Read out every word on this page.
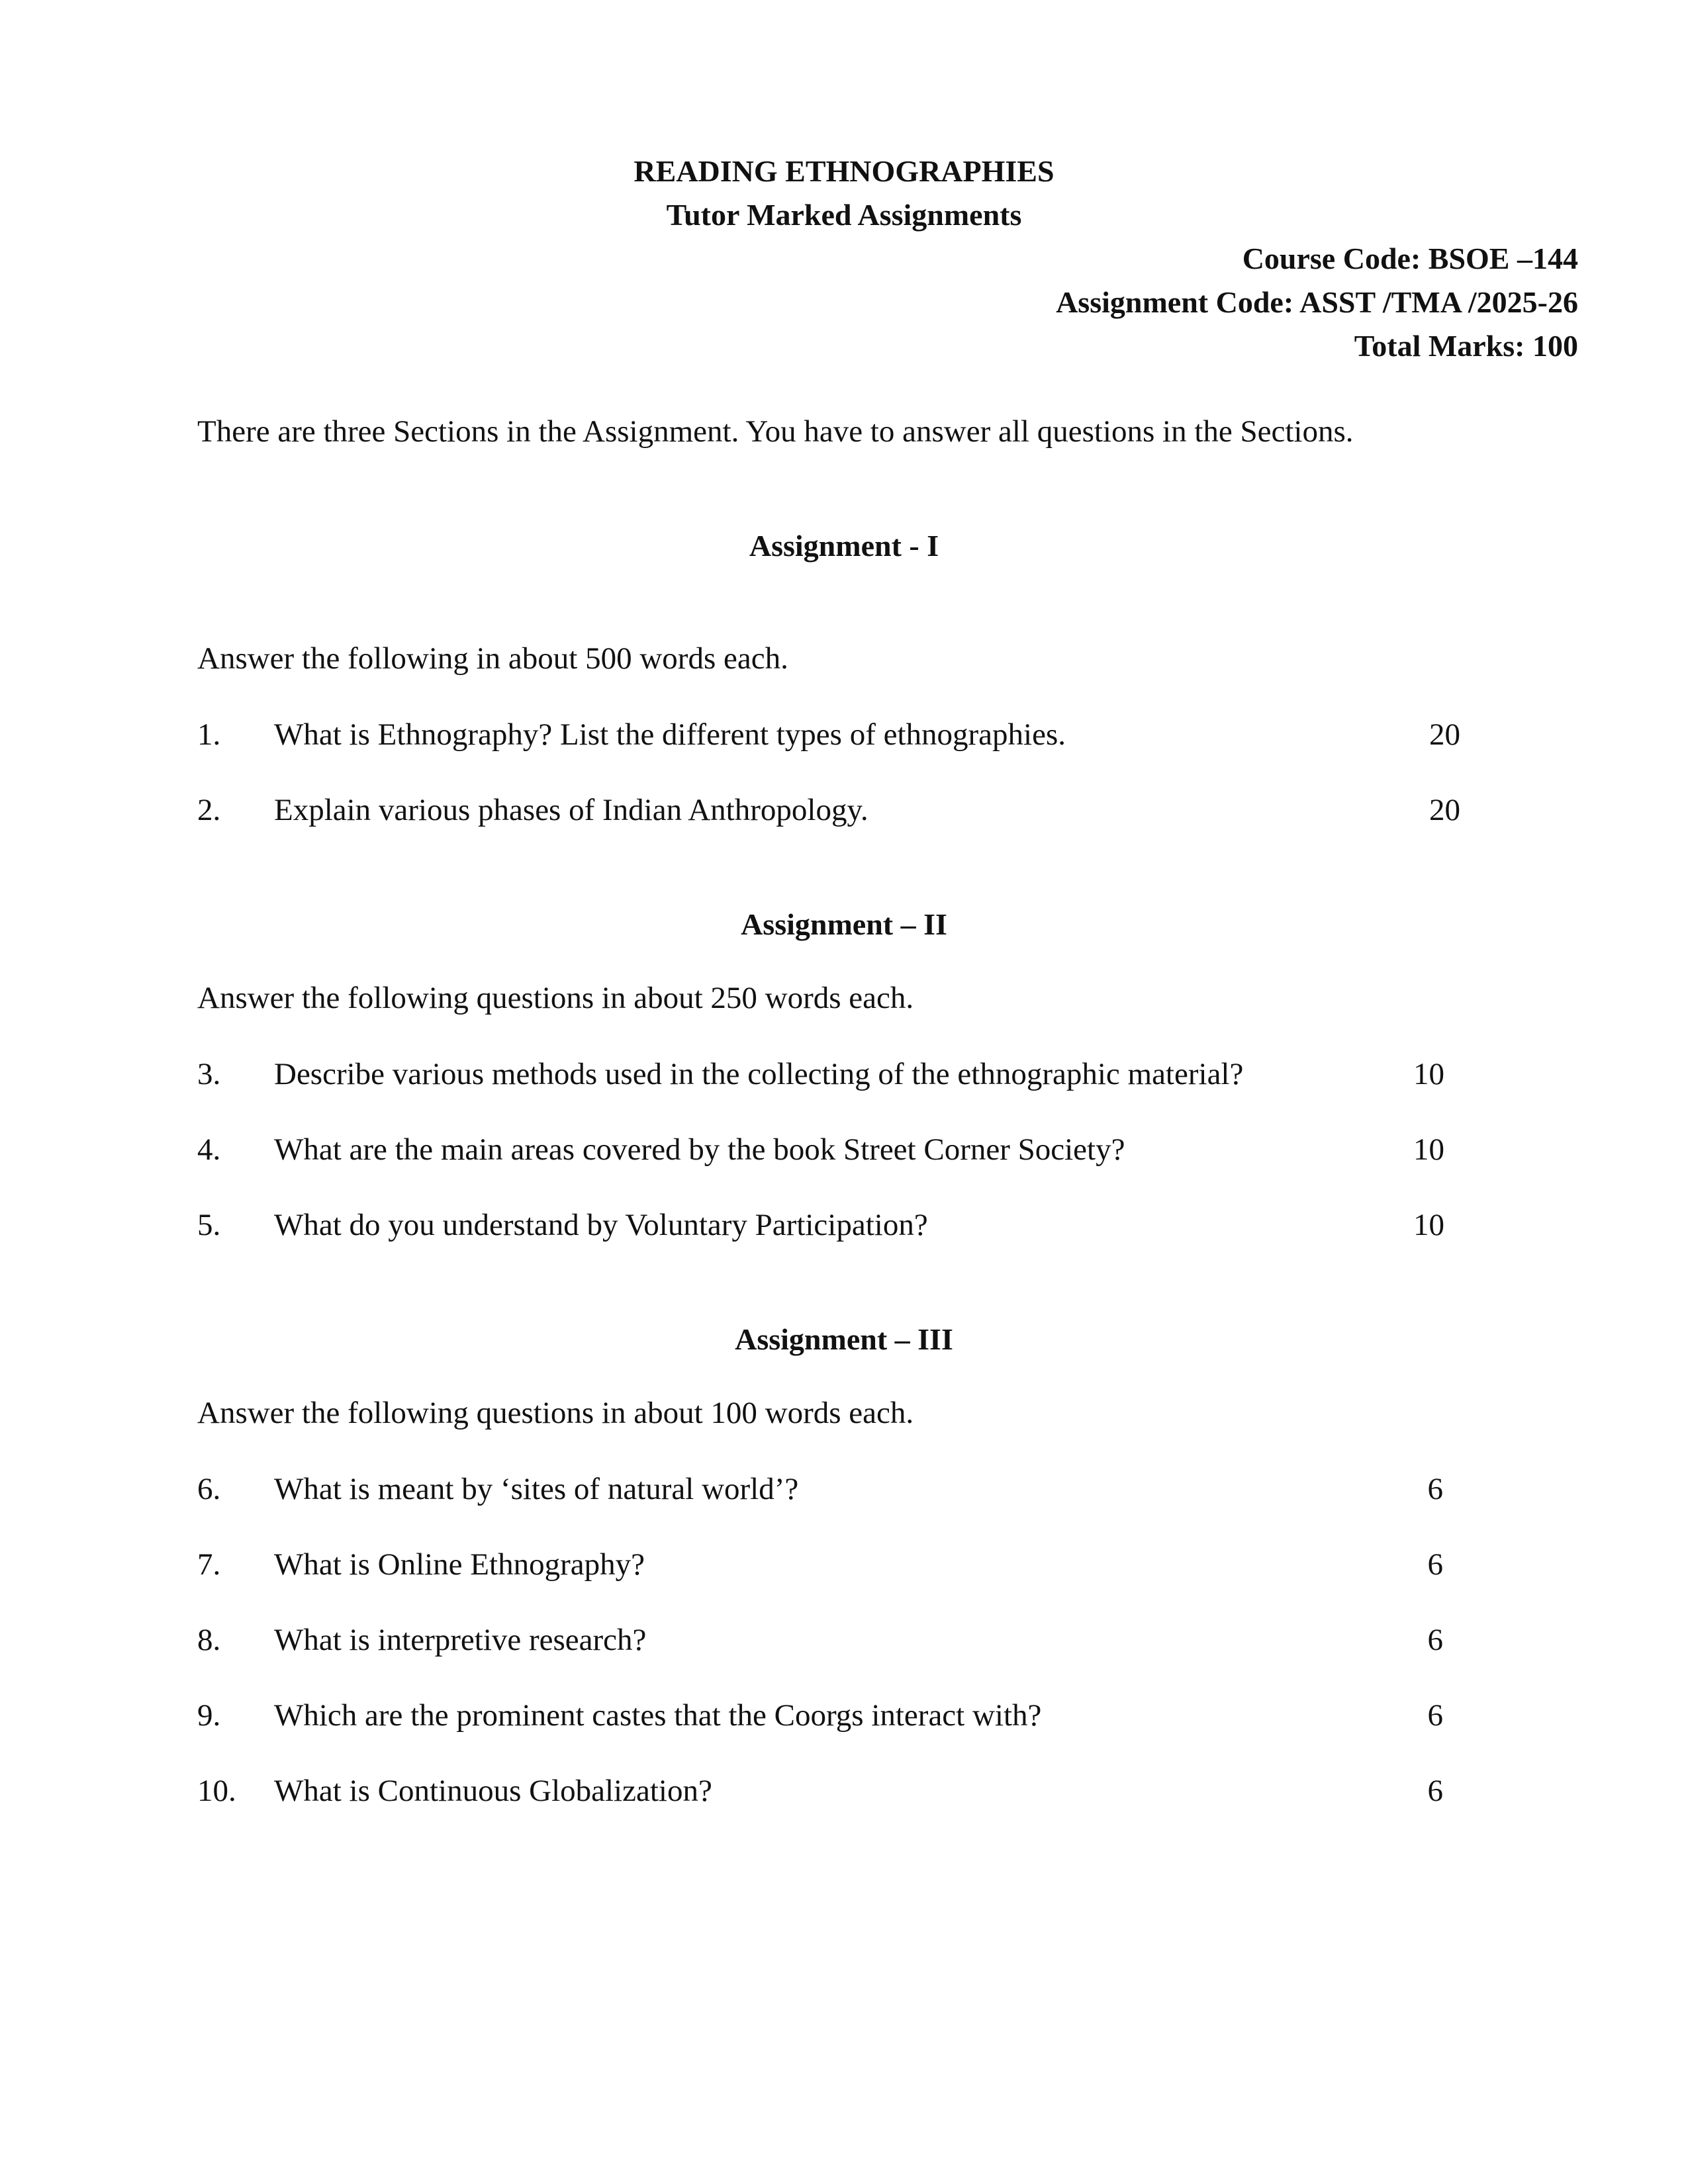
READING ETHNOGRAPHIES
Tutor Marked Assignments
Course Code: BSOE –144
Assignment Code: ASST /TMA /2025-26
Total Marks: 100
There are three Sections in the Assignment. You have to answer all questions in the Sections.
Assignment - I
Answer the following in about 500 words each.
1. What is Ethnography? List the different types of ethnographies.	20
2. Explain various phases of Indian Anthropology.	20
Assignment – II
Answer the following questions in about 250 words each.
3. Describe various methods used in the collecting of the ethnographic material?	10
4. What are the main areas covered by the book Street Corner Society?	10
5. What do you understand by Voluntary Participation?	10
Assignment – III
Answer the following questions in about 100 words each.
6. What is meant by ‘sites of natural world’?	6
7. What is Online Ethnography?	6
8. What is interpretive research?	6
9. Which are the prominent castes that the Coorgs interact with?	6
10. What is Continuous Globalization?	6
